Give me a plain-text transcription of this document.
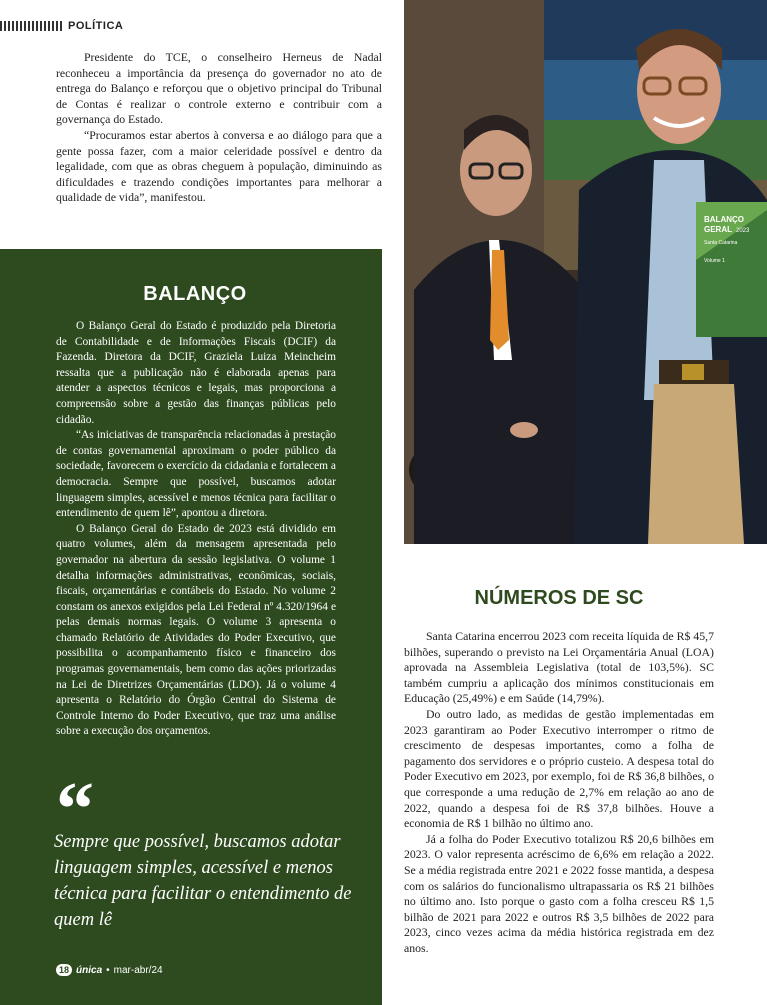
POLÍTICA

Presidente do TCE, o conselheiro Herneus de Nadal reconheceu a importância da presença do governador no ato de entrega do Balanço e reforçou que o objetivo principal do Tribunal de Contas é realizar o controle externo e contribuir com a governança do Estado.

“Procuramos estar abertos à conversa e ao diálogo para que a gente possa fazer, com a maior celeridade possível e dentro da legalidade, com que as obras cheguem à população, diminuindo as dificuldades e trazendo condições importantes para melhorar a qualidade de vida”, manifestou.

BALANÇO
GERAL 2023
Santa Catarina
Volume 1
BALANÇO

O Balanço Geral do Estado é produzido pela Diretoria de Contabilidade e de Informações Fiscais (DCIF) da Fazenda. Diretora da DCIF, Graziela Luiza Meincheim ressalta que a publicação não é elaborada apenas para atender a aspectos técnicos e legais, mas proporciona a compreensão sobre a gestão das finanças públicas pelo cidadão.

“As iniciativas de transparência relacionadas à prestação de contas governamental aproximam o poder público da sociedade, favorecem o exercício da cidadania e fortalecem a democracia. Sempre que possível, buscamos adotar linguagem simples, acessível e menos técnica para facilitar o entendimento de quem lê”, apontou a diretora.

O Balanço Geral do Estado de 2023 está dividido em quatro volumes, além da mensagem apresentada pelo governador na abertura da sessão legislativa. O volume 1 detalha informações administrativas, econômicas, sociais, fiscais, orçamentárias e contábeis do Estado. No volume 2 constam os anexos exigidos pela Lei Federal nº 4.320/1964 e pelas demais normas legais. O volume 3 apresenta o chamado Relatório de Atividades do Poder Executivo, que possibilita o acompanhamento físico e financeiro dos programas governamentais, bem como das ações priorizadas na Lei de Diretrizes Orçamentárias (LDO). Já o volume 4 apresenta o Relatório do Órgão Central do Sistema de Controle Interno do Poder Executivo, que traz uma análise sobre a execução dos orçamentos.

“
Sempre que possível, buscamos adotar linguagem simples, acessível e menos técnica para facilitar o entendimento de quem lê
18 única • mar-abr/24
NÚMEROS DE SC

Santa Catarina encerrou 2023 com receita líquida de R$ 45,7 bilhões, superando o previsto na Lei Orçamentária Anual (LOA) aprovada na Assembleia Legislativa (total de 103,5%). SC também cumpriu a aplicação dos mínimos constitucionais em Educação (25,49%) e em Saúde (14,79%).

Do outro lado, as medidas de gestão implementadas em 2023 garantiram ao Poder Executivo interromper o ritmo de crescimento de despesas importantes, como a folha de pagamento dos servidores e o próprio custeio. A despesa total do Poder Executivo em 2023, por exemplo, foi de R$ 36,8 bilhões, o que corresponde a uma redução de 2,7% em relação ao ano de 2022, quando a despesa foi de R$ 37,8 bilhões. Houve a economia de R$ 1 bilhão no último ano.

Já a folha do Poder Executivo totalizou R$ 20,6 bilhões em 2023. O valor representa acréscimo de 6,6% em relação a 2022. Se a média registrada entre 2021 e 2022 fosse mantida, a despesa com os salários do funcionalismo ultrapassaria os R$ 21 bilhões no último ano. Isto porque o gasto com a folha cresceu R$ 1,5 bilhão de 2021 para 2022 e outros R$ 3,5 bilhões de 2022 para 2023, cinco vezes acima da média histórica registrada em dez anos.
